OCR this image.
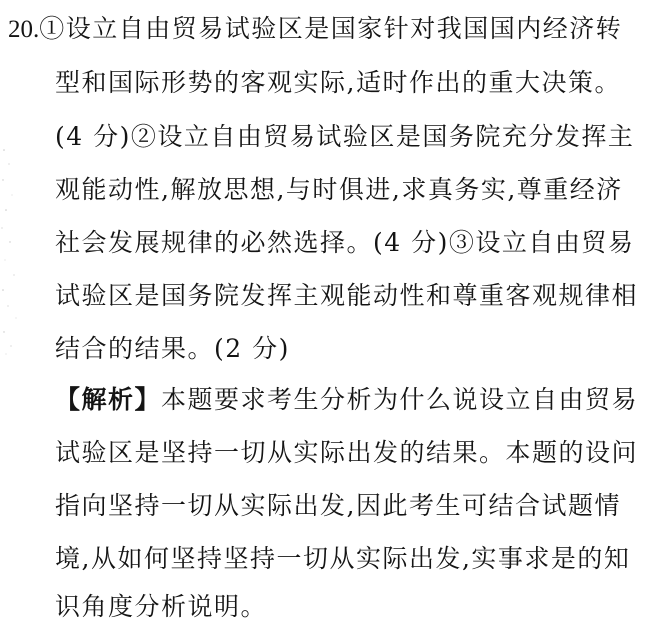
20.①设立自由贸易试验区是国家针对我国国内经济转
型和国际形势的客观实际,适时作出的重大决策。
(4 分)②设立自由贸易试验区是国务院充分发挥主
观能动性,解放思想,与时俱进,求真务实,尊重经济
社会发展规律的必然选择。(4 分)③设立自由贸易
试验区是国务院发挥主观能动性和尊重客观规律相
结合的结果。(2 分)
【解析】本题要求考生分析为什么说设立自由贸易
试验区是坚持一切从实际出发的结果。本题的设问
指向坚持一切从实际出发,因此考生可结合试题情
境,从如何坚持坚持一切从实际出发,实事求是的知
识角度分析说明。
